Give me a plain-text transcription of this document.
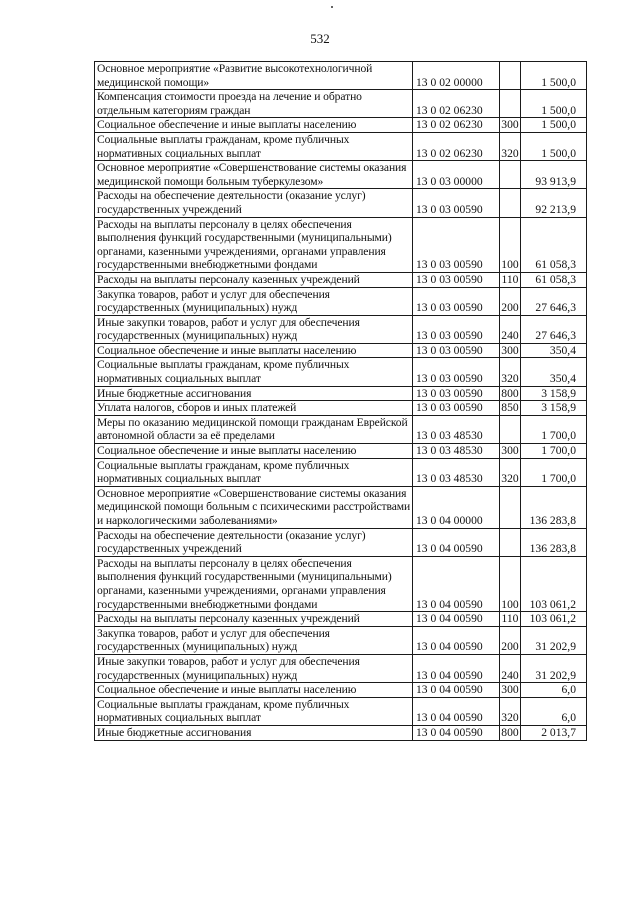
532
Основное мероприятие «Развитие высокотехнологичной медицинской помощи»	13 0 02 00000		1 500,0
Компенсация стоимости проезда на лечение и обратно отдельным категориям граждан	13 0 02 06230		1 500,0
Социальное обеспечение и иные выплаты населению	13 0 02 06230	300	1 500,0
Социальные выплаты гражданам, кроме публичных нормативных социальных выплат	13 0 02 06230	320	1 500,0
Основное мероприятие «Совершенствование системы оказания медицинской помощи больным туберкулезом»	13 0 03 00000		93 913,9
Расходы на обеспечение деятельности (оказание услуг) государственных учреждений	13 0 03 00590		92 213,9
Расходы на выплаты персоналу в целях обеспечения выполнения функций государственными (муниципальными) органами, казенными учреждениями, органами управления государственными внебюджетными фондами	13 0 03 00590	100	61 058,3
Расходы на выплаты персоналу казенных учреждений	13 0 03 00590	110	61 058,3
Закупка товаров, работ и услуг для обеспечения государственных (муниципальных) нужд	13 0 03 00590	200	27 646,3
Иные закупки товаров, работ и услуг для обеспечения государственных (муниципальных) нужд	13 0 03 00590	240	27 646,3
Социальное обеспечение и иные выплаты населению	13 0 03 00590	300	350,4
Социальные выплаты гражданам, кроме публичных нормативных социальных выплат	13 0 03 00590	320	350,4
Иные бюджетные ассигнования	13 0 03 00590	800	3 158,9
Уплата налогов, сборов и иных платежей	13 0 03 00590	850	3 158,9
Меры по оказанию медицинской помощи гражданам Еврейской автономной области за её пределами	13 0 03 48530		1 700,0
Социальное обеспечение и иные выплаты населению	13 0 03 48530	300	1 700,0
Социальные выплаты гражданам, кроме публичных нормативных социальных выплат	13 0 03 48530	320	1 700,0
Основное мероприятие «Совершенствование системы оказания медицинской помощи больным с психическими расстройствами и наркологическими заболеваниями»	13 0 04 00000		136 283,8
Расходы на обеспечение деятельности (оказание услуг) государственных учреждений	13 0 04 00590		136 283,8
Расходы на выплаты персоналу в целях обеспечения выполнения функций государственными (муниципальными) органами, казенными учреждениями, органами управления государственными внебюджетными фондами	13 0 04 00590	100	103 061,2
Расходы на выплаты персоналу казенных учреждений	13 0 04 00590	110	103 061,2
Закупка товаров, работ и услуг для обеспечения государственных (муниципальных) нужд	13 0 04 00590	200	31 202,9
Иные закупки товаров, работ и услуг для обеспечения государственных (муниципальных) нужд	13 0 04 00590	240	31 202,9
Социальное обеспечение и иные выплаты населению	13 0 04 00590	300	6,0
Социальные выплаты гражданам, кроме публичных нормативных социальных выплат	13 0 04 00590	320	6,0
Иные бюджетные ассигнования	13 0 04 00590	800	2 013,7
